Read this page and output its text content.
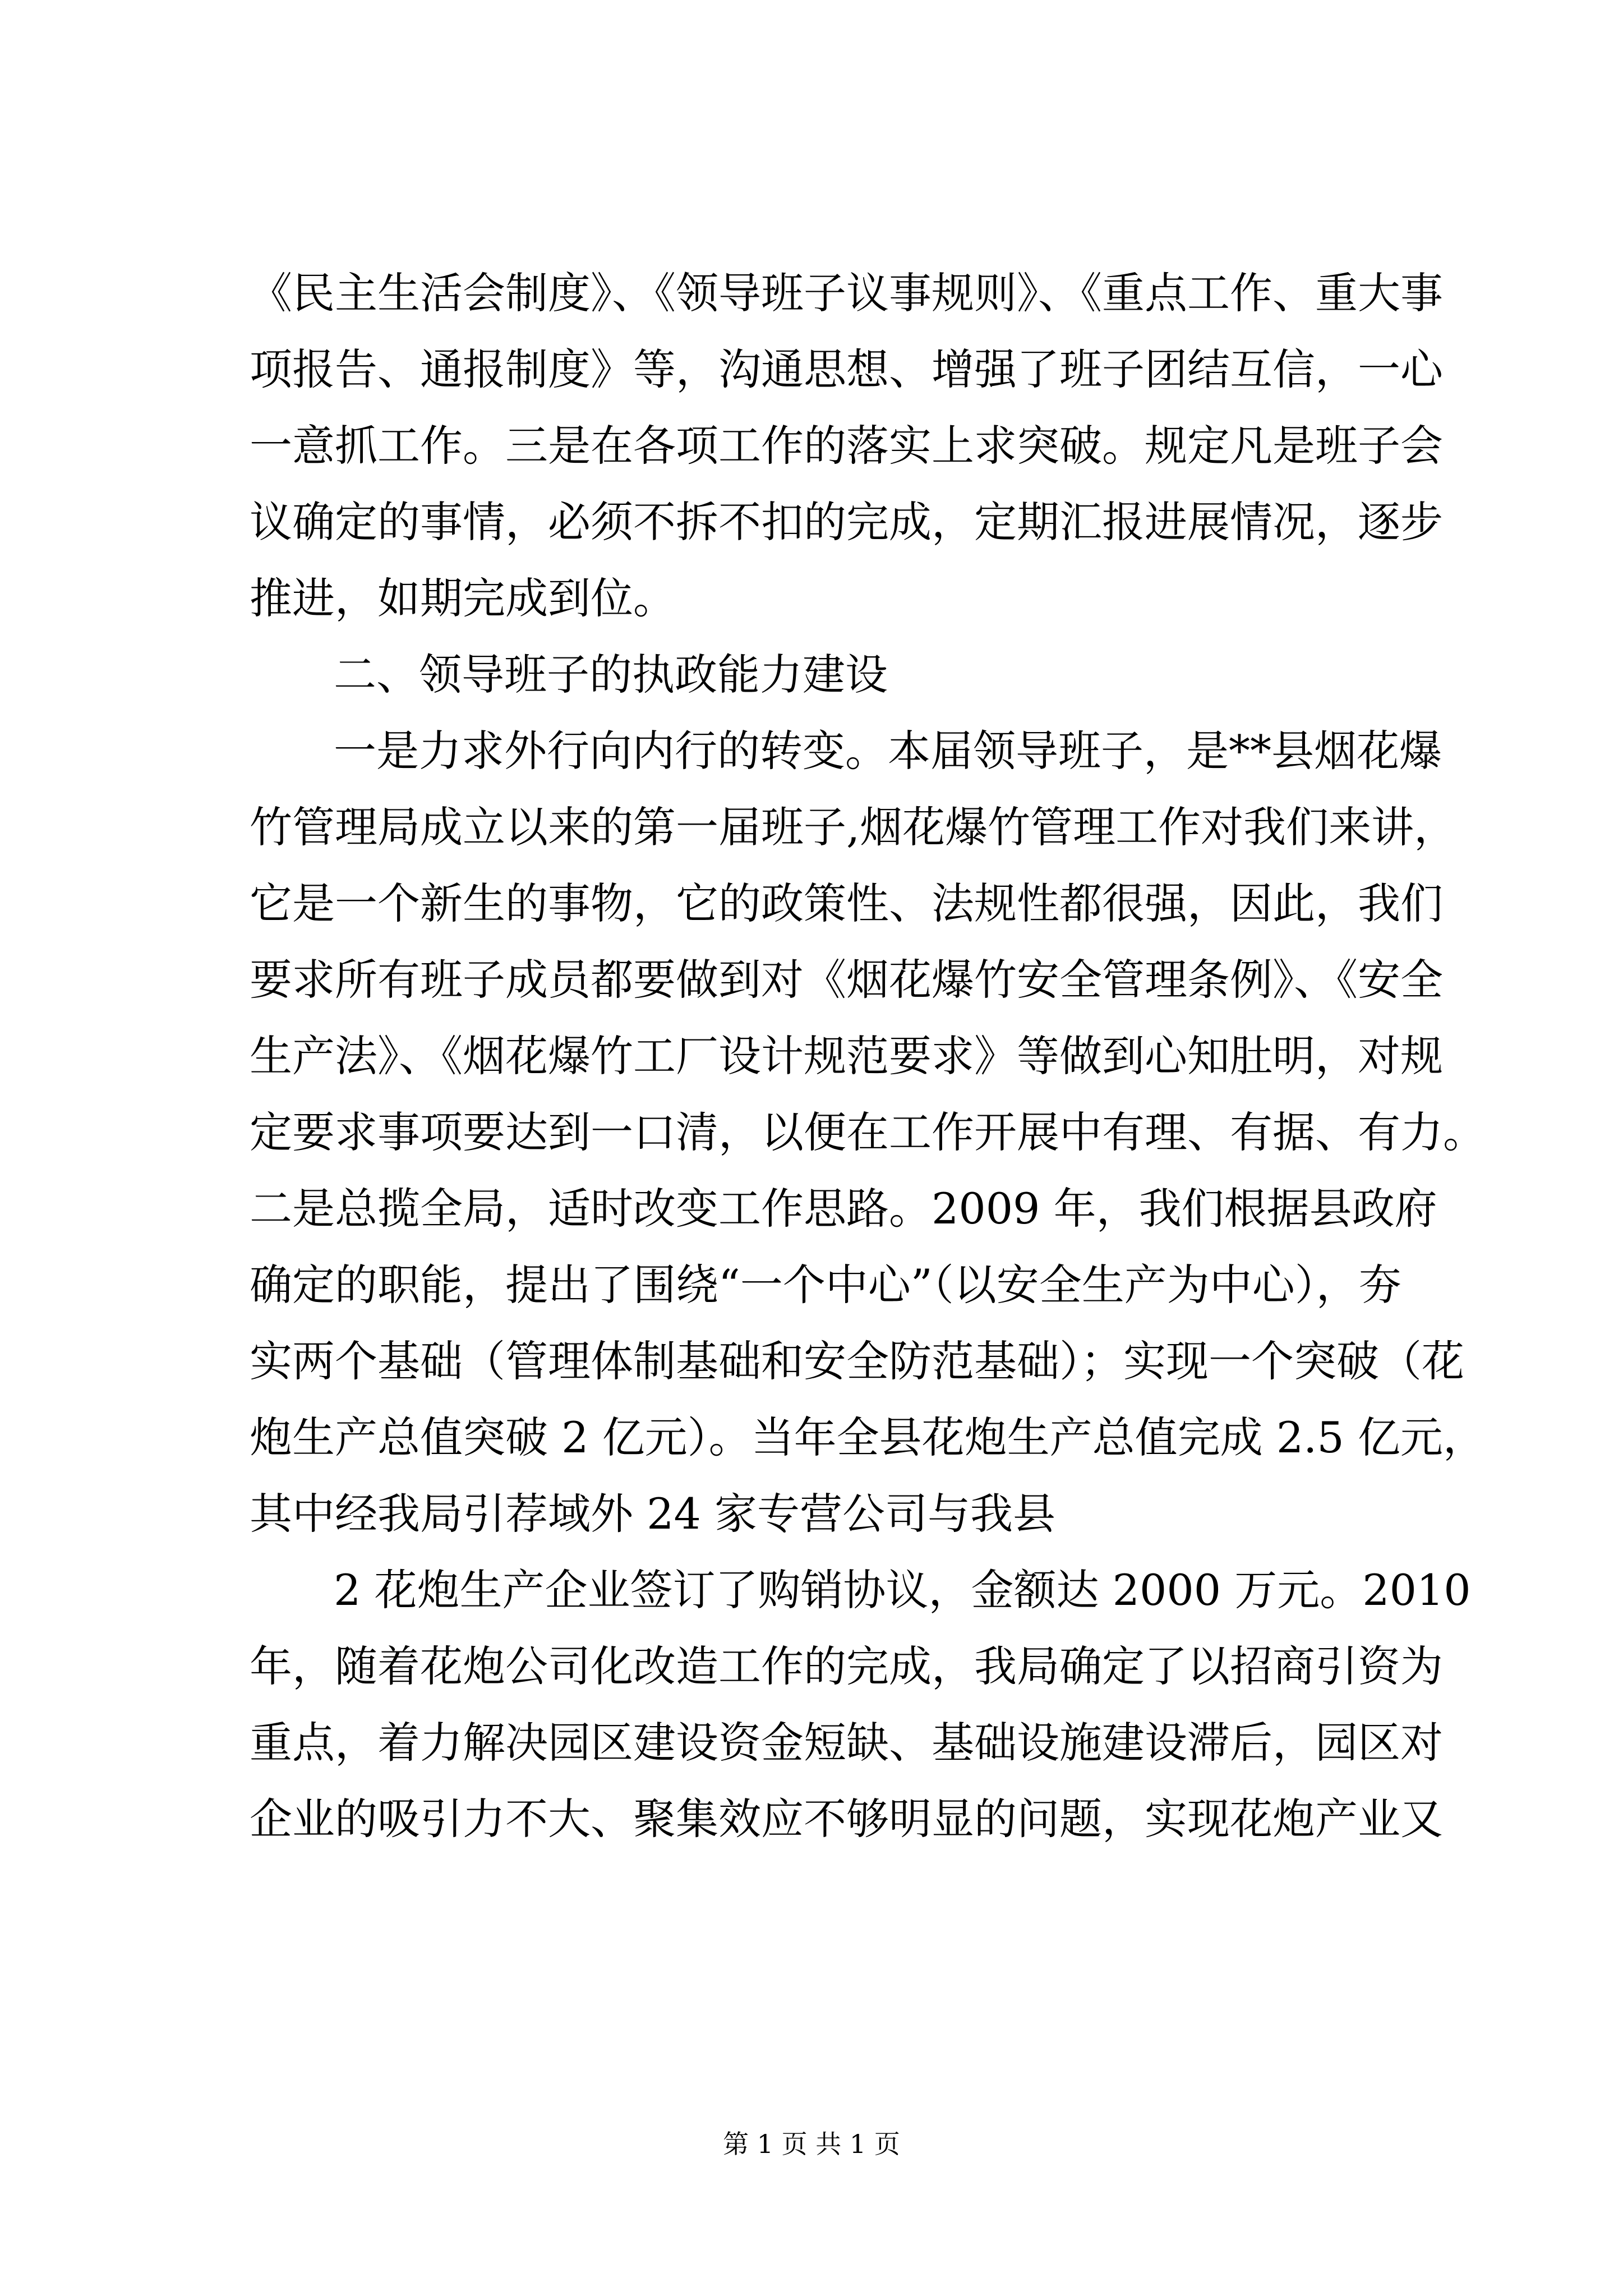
《民主生活会制度》、《领导班子议事规则》、《重点工作、重大事
项报告、通报制度》等，沟通思想、增强了班子团结互信，一心
一意抓工作。三是在各项工作的落实上求突破。规定凡是班子会
议确定的事情，必须不拆不扣的完成，定期汇报进展情况，逐步
推进，如期完成到位。
二、领导班子的执政能力建设
一是力求外行向内行的转变。本届领导班子，是**县烟花爆
竹管理局成立以来的第一届班子,烟花爆竹管理工作对我们来讲，
它是一个新生的事物，它的政策性、法规性都很强，因此，我们
要求所有班子成员都要做到对《烟花爆竹安全管理条例》、《安全
生产法》、《烟花爆竹工厂设计规范要求》等做到心知肚明，对规
定要求事项要达到一口清，以便在工作开展中有理、有据、有力。
二是总揽全局，适时改变工作思路。2009 年，我们根据县政府
确定的职能，提出了围绕“一个中心”（以安全生产为中心），夯
实两个基础（管理体制基础和安全防范基础）；实现一个突破（花
炮生产总值突破 2 亿元）。当年全县花炮生产总值完成 2.5 亿元，
其中经我局引荐域外 24 家专营公司与我县
2 花炮生产企业签订了购销协议，金额达 2000 万元。2010
年，随着花炮公司化改造工作的完成，我局确定了以招商引资为
重点，着力解决园区建设资金短缺、基础设施建设滞后，园区对
企业的吸引力不大、聚集效应不够明显的问题，实现花炮产业又
第 1 页 共 1 页
